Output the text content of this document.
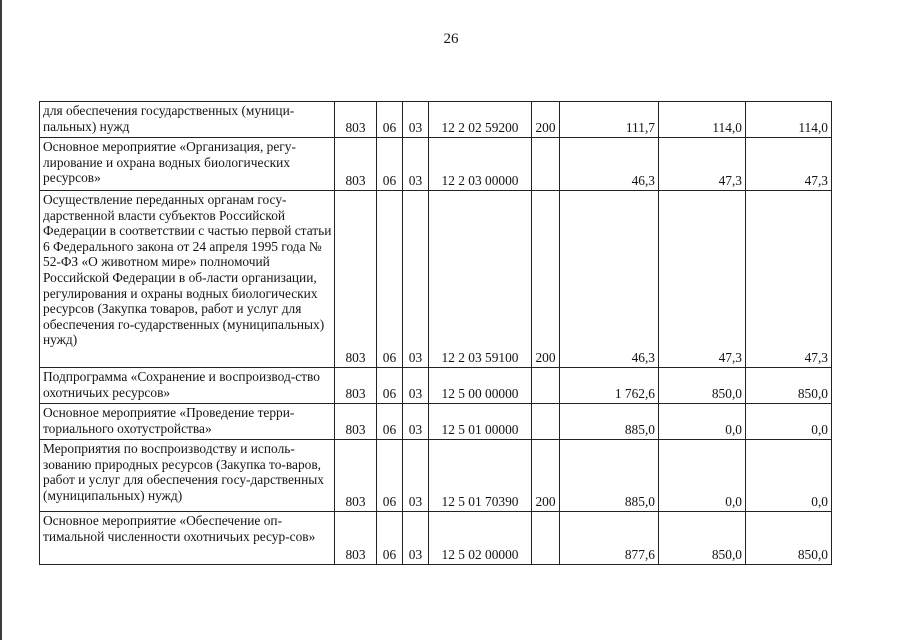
26
для обеспечения государственных (муници-пальных) нужд	803	06	03	12 2 02 59200	200	111,7	114,0	114,0
Основное мероприятие «Организация, регу-лирование и охрана водных биологических ресурсов»	803	06	03	12 2 03 00000		46,3	47,3	47,3
Осуществление переданных органам госу-дарственной власти субъектов Российской Федерации в соответствии с частью первой статьи 6 Федерального закона от 24 апреля 1995 года № 52-ФЗ «О животном мире» полномочий Российской Федерации в об-ласти организации, регулирования и охраны водных биологических ресурсов (Закупка товаров, работ и услуг для обеспечения го-сударственных (муниципальных) нужд)	803	06	03	12 2 03 59100	200	46,3	47,3	47,3
Подпрограмма «Сохранение и воспроизвод-ство охотничьих ресурсов»	803	06	03	12 5 00 00000		1 762,6	850,0	850,0
Основное мероприятие «Проведение терри-ториального охотустройства»	803	06	03	12 5 01 00000		885,0	0,0	0,0
Мероприятия по воспроизводству и исполь-зованию природных ресурсов (Закупка то-варов, работ и услуг для обеспечения госу-дарственных (муниципальных) нужд)	803	06	03	12 5 01 70390	200	885,0	0,0	0,0
Основное мероприятие «Обеспечение оп-тимальной численности охотничьих ресур-сов»	803	06	03	12 5 02 00000		877,6	850,0	850,0
